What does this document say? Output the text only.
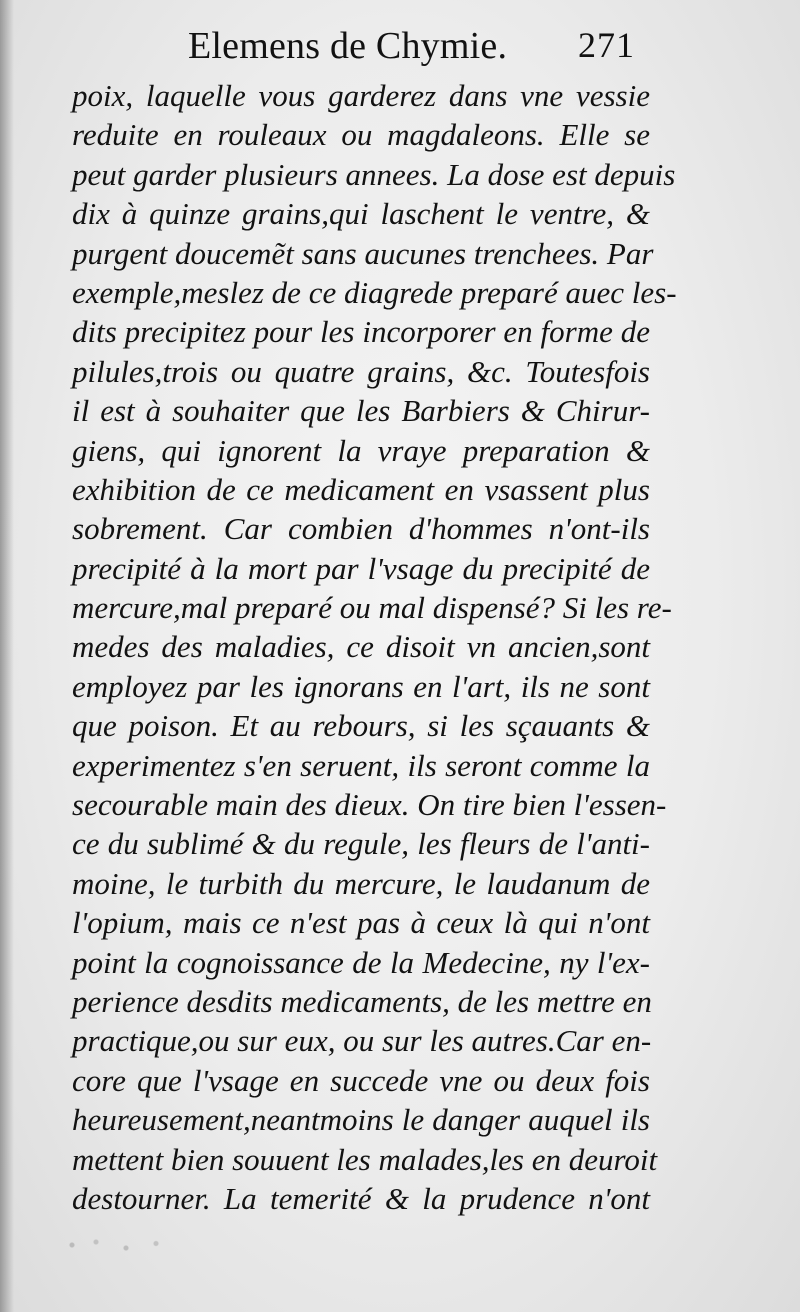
Elemens de Chymie. 271
poix, laquelle vous garderez dans vne vessie
reduite en rouleaux ou magdaleons. Elle se
peut garder plusieurs annees. La dose est depuis
dix à quinze grains,qui laschent le ventre, &
purgent doucemẽt sans aucunes trenchees. Par
exemple,meslez de ce diagrede preparé auec les-
dits precipitez pour les incorporer en forme de
pilules,trois ou quatre grains, &c. Toutesfois
il est à souhaiter que les Barbiers & Chirur-
giens, qui ignorent la vraye preparation &
exhibition de ce medicament en vsassent plus
sobrement. Car combien d'hommes n'ont-ils
precipité à la mort par l'vsage du precipité de
mercure,mal preparé ou mal dispensé? Si les re-
medes des maladies, ce disoit vn ancien,sont
employez par les ignorans en l'art, ils ne sont
que poison. Et au rebours, si les sçauants &
experimentez s'en seruent, ils seront comme la
secourable main des dieux. On tire bien l'essen-
ce du sublimé & du regule, les fleurs de l'anti-
moine, le turbith du mercure, le laudanum de
l'opium, mais ce n'est pas à ceux là qui n'ont
point la cognoissance de la Medecine, ny l'ex-
perience desdits medicaments, de les mettre en
practique,ou sur eux, ou sur les autres.Car en-
core que l'vsage en succede vne ou deux fois
heureusement,neantmoins le danger auquel ils
mettent bien souuent les malades,les en deuroit
destourner. La temerité & la prudence n'ont
